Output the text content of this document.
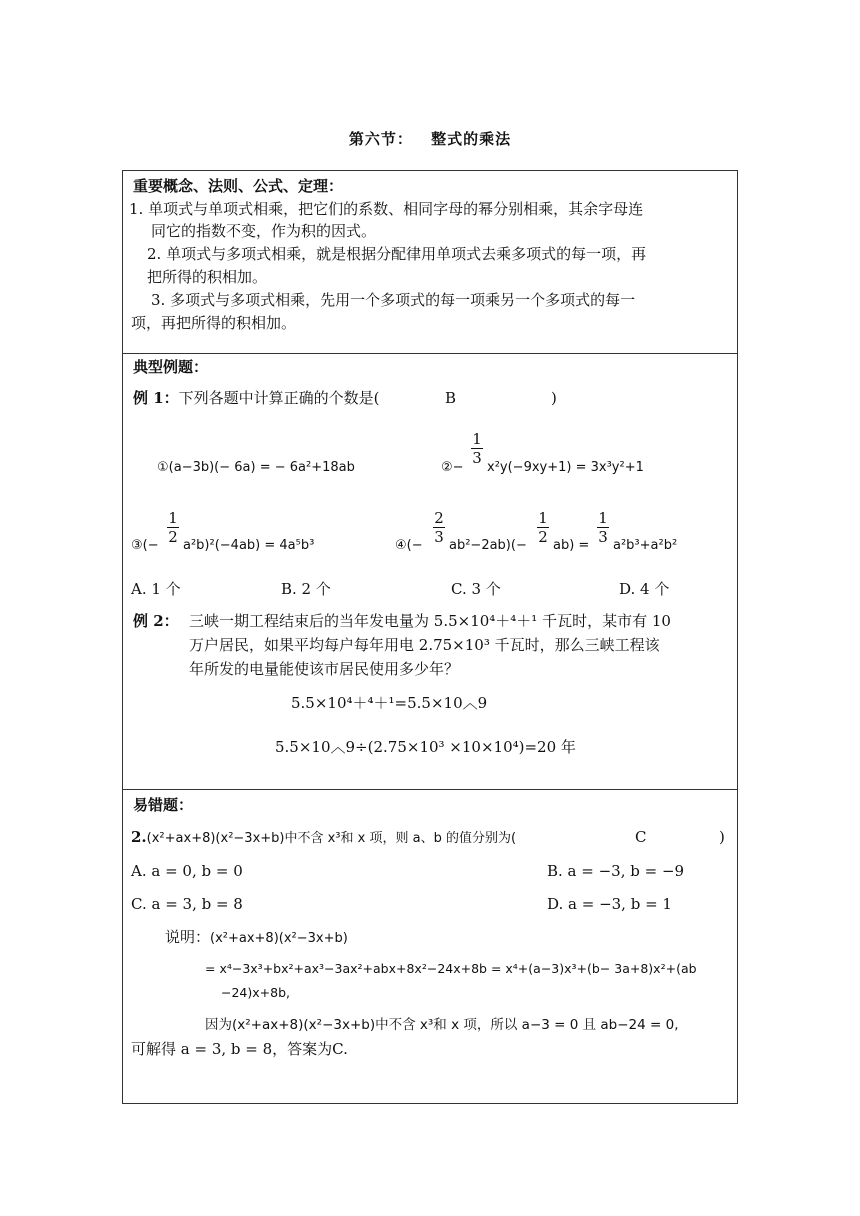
第六节： 整式的乘法
重要概念、法则、公式、定理：
1. 单项式与单项式相乘，把它们的系数、相同字母的幂分别相乘，其余字母连
同它的指数不变，作为积的因式。
2. 单项式与多项式相乘，就是根据分配律用单项式去乘多项式的每一项，再
把所得的积相加。
3. 多项式与多项式相乘，先用一个多项式的每一项乘另一个多项式的每一
项，再把所得的积相加。
典型例题：
例 1：下列各题中计算正确的个数是(	B	)
①(a−3b)(− 6a) = − 6a²+18ab	②−
1
3
x²y(−9xy+1) = 3x³y²+1
③(−
1
2 a²b)²(−4ab) = 4a⁵b³	④(−
2
3 ab²−2ab)(−
1
2 ab) =
1
3 a²b³+a²b²
A. 1 个	B. 2 个	C. 3 个	D. 4 个
例 2： 三峡一期工程结束后的当年发电量为 5.5×10⁴＋⁴＋¹ 千瓦时，某市有 10
万户居民，如果平均每户每年用电 2.75×10³ 千瓦时，那么三峡工程该
年所发的电量能使该市居民使用多少年？
5.5×10⁴＋⁴＋¹=5.5×10︿9
5.5×10︿9÷(2.75×10³ ×10×10⁴)=20 年
易错题：
2.(x²+ax+8)(x²−3x+b)中不含 x³和 x 项，则 a、b 的值分别为(	C	)
A. a = 0, b = 0	B. a = −3, b = −9
C. a = 3, b = 8	D. a = −3, b = 1
说明：(x²+ax+8)(x²−3x+b)
= x⁴−3x³+bx²+ax³−3ax²+abx+8x²−24x+8b = x⁴+(a−3)x³+(b− 3a+8)x²+(ab
−24)x+8b,
因为(x²+ax+8)(x²−3x+b)中不含 x³和 x 项，所以 a−3 = 0 且 ab−24 = 0,
可解得 a = 3, b = 8，答案为C.
